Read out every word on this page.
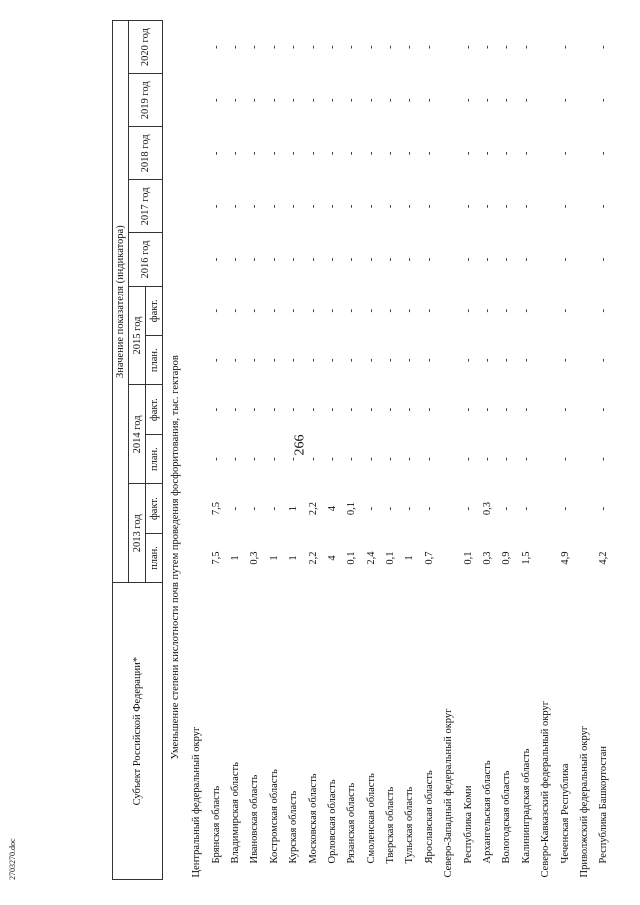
266
2703270.doc
Субъект Российской Федерации*	Значение показателя (индикатора)										
	2013 год		2014 год		2015 год		2016 год	2017 год	2018 год	2019 год	2020 год
	план.	факт.	план.	факт.	план.	факт.					
Уменьшение степени кислотности почв путем проведения фосфоритования, тыс. гектаров											
Центральный федеральный округ											
Брянская область	7,5	7,5	-	-	-	-	-	-	-	-	-
Владимирская область	1	-	-	-	-	-	-	-	-	-	-
Ивановская область	0,3	-	-	-	-	-	-	-	-	-	-
Костромская область	1	-	-	-	-	-	-	-	-	-	-
Курская область	1	1	-	-	-	-	-	-	-	-	-
Московская область	2,2	2,2	-	-	-	-	-	-	-	-	-
Орловская область	4	4	-	-	-	-	-	-	-	-	-
Рязанская область	0,1	0,1	-	-	-	-	-	-	-	-	-
Смоленская область	2,4	-	-	-	-	-	-	-	-	-	-
Тверская область	0,1	-	-	-	-	-	-	-	-	-	-
Тульская область	1	-	-	-	-	-	-	-	-	-	-
Ярославская область	0,7	-	-	-	-	-	-	-	-	-	-
Северо-Западный федеральный округ											
Республика Коми	0,1	-	-	-	-	-	-	-	-	-	-
Архангельская область	0,3	0,3	-	-	-	-	-	-	-	-	-
Вологодская область	0,9	-	-	-	-	-	-	-	-	-	-
Калининградская область	1,5	-	-	-	-	-	-	-	-	-	-
Северо-Кавказский федеральный округ											
Чеченская Республика	4,9	-	-	-	-	-	-	-	-	-	-
Приволжский федеральный округ											
Республика Башкортостан	4,2	-	-	-	-	-	-	-	-	-	-
